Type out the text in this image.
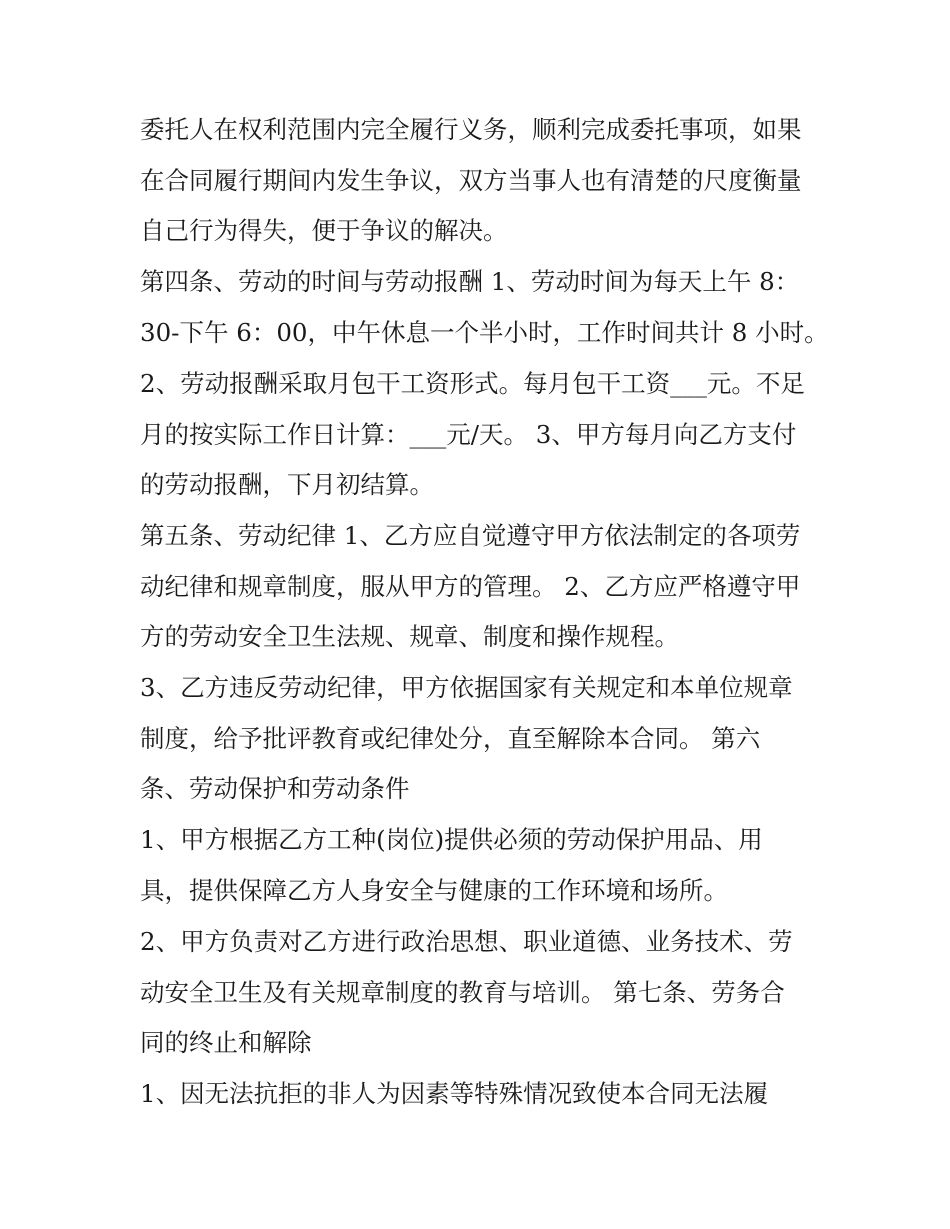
委托人在权利范围内完全履行义务，顺利完成委托事项，如果
在合同履行期间内发生争议，双方当事人也有清楚的尺度衡量
自己行为得失，便于争议的解决。
第四条、劳动的时间与劳动报酬 1、劳动时间为每天上午 8：
30-下午 6：00，中午休息一个半小时，工作时间共计 8 小时。
2、劳动报酬采取月包干工资形式。每月包干工资___元。不足
月的按实际工作日计算：___元/天。 3、甲方每月向乙方支付
的劳动报酬，下月初结算。
第五条、劳动纪律 1、乙方应自觉遵守甲方依法制定的各项劳
动纪律和规章制度，服从甲方的管理。 2、乙方应严格遵守甲
方的劳动安全卫生法规、规章、制度和操作规程。
3、乙方违反劳动纪律，甲方依据国家有关规定和本单位规章
制度，给予批评教育或纪律处分，直至解除本合同。 第六
条、劳动保护和劳动条件
1、甲方根据乙方工种(岗位)提供必须的劳动保护用品、用
具，提供保障乙方人身安全与健康的工作环境和场所。
2、甲方负责对乙方进行政治思想、职业道德、业务技术、劳
动安全卫生及有关规章制度的教育与培训。 第七条、劳务合
同的终止和解除
1、因无法抗拒的非人为因素等特殊情况致使本合同无法履
